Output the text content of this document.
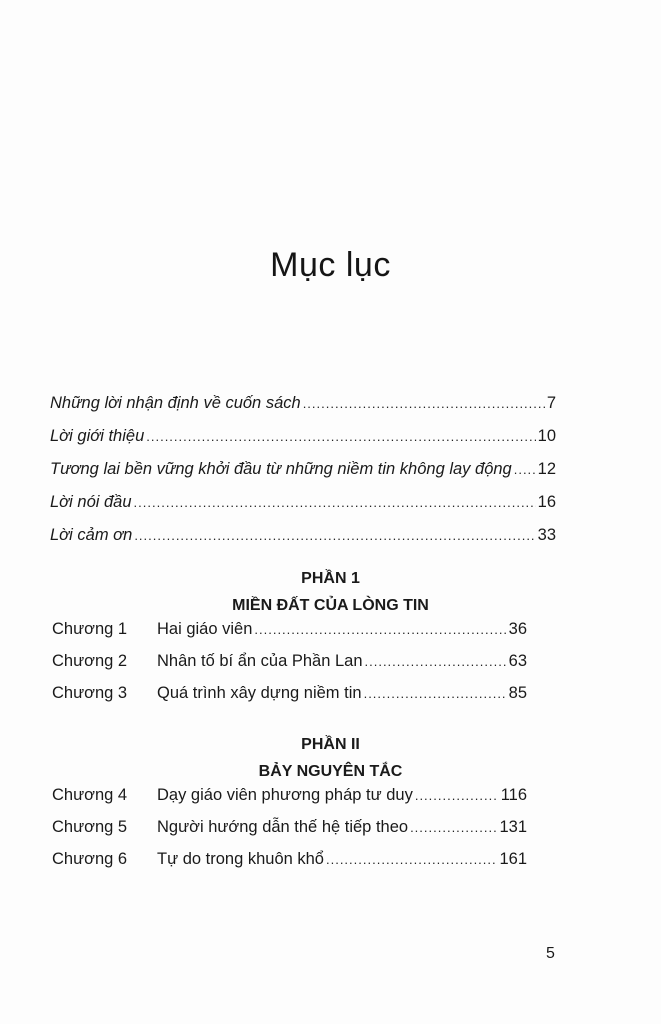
Mục lục
Những lời nhận định về cuốn sách .....	7
Lời giới thiệu .....	10
Tương lai bền vững khởi đầu từ những niềm tin không lay động ..... 12
Lời nói đầu .....	16
Lời cảm ơn .....	33
PHẦN 1
MIỀN ĐẤT CỦA LÒNG TIN
Chương 1	Hai giáo viên .....	36
Chương 2	Nhân tố bí ẩn của Phần Lan .....	63
Chương 3	Quá trình xây dựng niềm tin .....	85
PHẦN II
BẢY NGUYÊN TẮC
Chương 4	Dạy giáo viên phương pháp tư duy .....	116
Chương 5	Người hướng dẫn thế hệ tiếp theo .....	131
Chương 6	Tự do trong khuôn khổ .....	161
5
